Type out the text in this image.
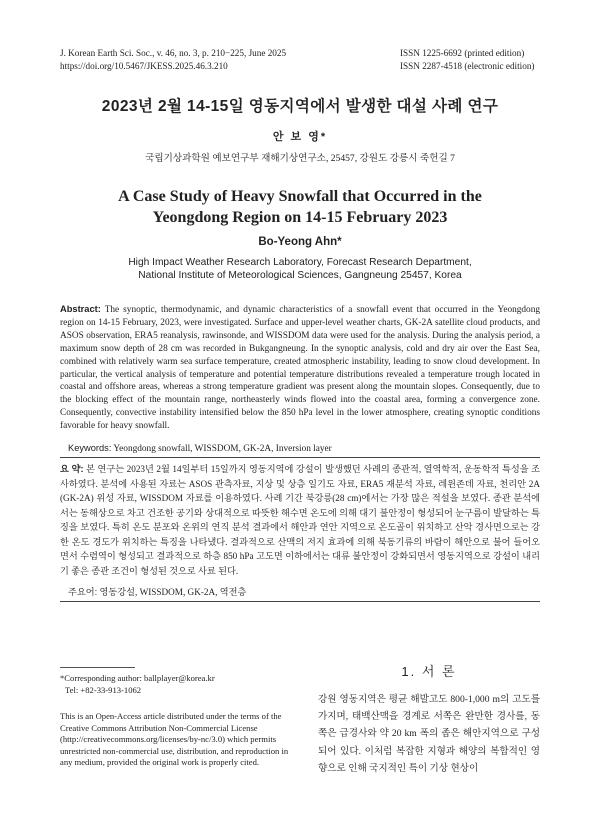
J. Korean Earth Sci. Soc., v. 46, no. 3, p. 210−225, June 2025
https://doi.org/10.5467/JKESS.2025.46.3.210
ISSN 1225-6692 (printed edition)
ISSN 2287-4518 (electronic edition)
2023년 2월 14-15일 영동지역에서 발생한 대설 사례 연구
안 보 영*
국립기상과학원 예보연구부 재해기상연구소, 25457, 강원도 강릉시 죽헌길 7
A Case Study of Heavy Snowfall that Occurred in the
Yeongdong Region on 14-15 February 2023
Bo-Yeong Ahn*
High Impact Weather Research Laboratory, Forecast Research Department,
National Institute of Meteorological Sciences, Gangneung 25457, Korea
Abstract: The synoptic, thermodynamic, and dynamic characteristics of a snowfall event that occurred in the Yeongdong region on 14-15 February, 2023, were investigated. Surface and upper-level weather charts, GK-2A satellite cloud products, and ASOS observation, ERA5 reanalysis, rawinsonde, and WISSDOM data were used for the analysis. During the analysis period, a maximum snow depth of 28 cm was recorded in Bukgangneung. In the synoptic analysis, cold and dry air over the East Sea, combined with relatively warm sea surface temperature, created atmospheric instability, leading to snow cloud development. In particular, the vertical analysis of temperature and potential temperature distributions revealed a temperature trough located in coastal and offshore areas, whereas a strong temperature gradient was present along the mountain slopes. Consequently, due to the blocking effect of the mountain range, northeasterly winds flowed into the coastal area, forming a convergence zone. Consequently, convective instability intensified below the 850 hPa level in the lower atmosphere, creating synoptic conditions favorable for heavy snowfall.
Keywords: Yeongdong snowfall, WISSDOM, GK-2A, Inversion layer
요 약: 본 연구는 2023년 2월 14일부터 15일까지 영동지역에 강설이 발생했던 사례의 종관적, 열역학적, 운동학적 특성을 조사하였다. 분석에 사용된 자료는 ASOS 관측자료, 지상 및 상층 일기도 자료, ERA5 재분석 자료, 레윈존데 자료, 천리안 2A (GK-2A) 위성 자료, WISSDOM 자료를 이용하였다. 사례 기간 북강릉(28 cm)에서는 가장 많은 적설을 보였다. 종관 분석에서는 동해상으로 차고 건조한 공기와 상대적으로 따뜻한 해수면 온도에 의해 대기 불안정이 형성되어 눈구름이 발달하는 특징을 보였다. 특히 온도 분포와 온위의 연직 분석 결과에서 해안과 연안 지역으로 온도골이 위치하고 산악 경사면으로는 강한 온도 경도가 위치하는 특징을 나타냈다. 결과적으로 산맥의 저지 효과에 의해 북동기류의 바람이 해안으로 불어 들어오면서 수렴역이 형성되고 결과적으로 하층 850 hPa 고도면 이하에서는 대류 불안정이 강화되면서 영동지역으로 강설이 내리기 좋은 종관 조건이 형성된 것으로 사료 된다.
주요어: 영동강설, WISSDOM, GK-2A, 역전층
1. 서 론
강원 영동지역은 평균 해발고도 800-1,000 m의 고도를 가지며, 태백산맥을 경계로 서쪽은 완만한 경사를, 동쪽은 급경사와 약 20 km 폭의 좁은 해안지역으로 구성되어 있다. 이처럼 복잡한 지형과 해양의 복합적인 영향으로 인해 국지적인 특이 기상 현상이
*Corresponding author: ballplayer@korea.kr
Tel: +82-33-913-1062
This is an Open-Access article distributed under the terms of the Creative Commons Attribution Non-Commercial License (http://creativecommons.org/licenses/by-nc/3.0) which permits unrestricted non-commercial use, distribution, and reproduction in any medium, provided the original work is properly cited.
